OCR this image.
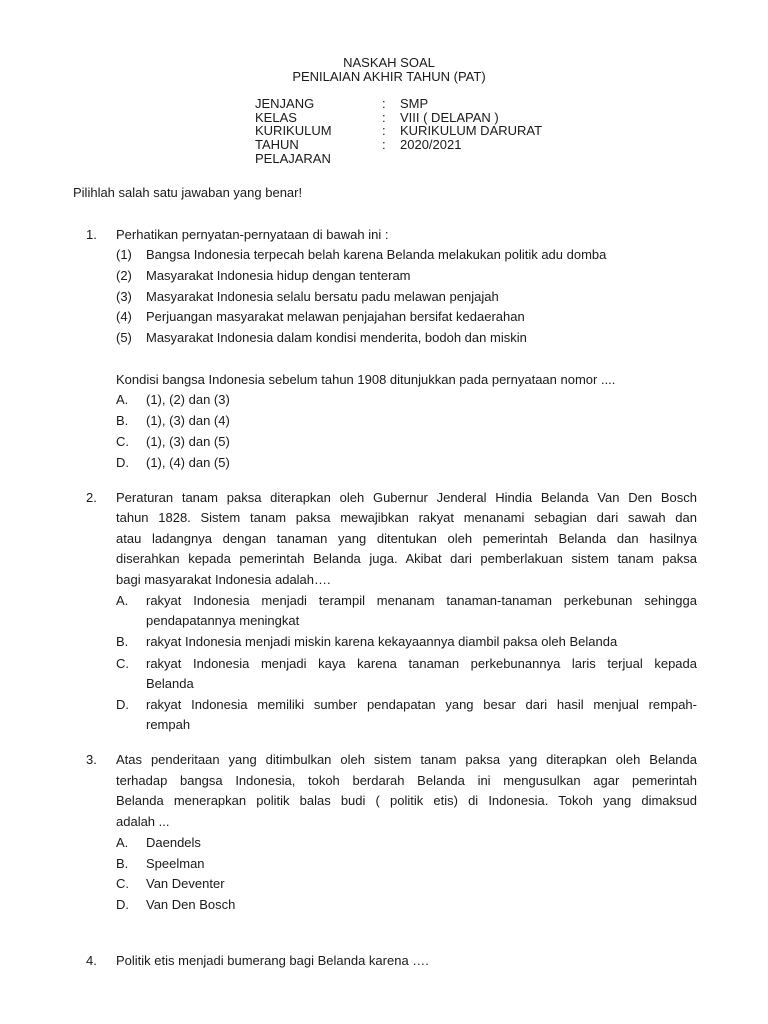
NASKAH SOAL
PENILAIAN AKHIR TAHUN (PAT)
JENJANG	: SMP
KELAS	: VIII ( DELAPAN )
KURIKULUM	: KURIKULUM DARURAT
TAHUN	: 2020/2021
PELAJARAN
Pilihlah salah satu jawaban yang benar!
1. Perhatikan pernyatan-pernyataan di bawah ini :
(1) Bangsa Indonesia terpecah belah karena Belanda melakukan politik adu domba
(2) Masyarakat Indonesia hidup dengan tenteram
(3) Masyarakat Indonesia selalu bersatu padu melawan penjajah
(4) Perjuangan masyarakat melawan penjajahan bersifat kedaerahan
(5) Masyarakat Indonesia dalam kondisi menderita, bodoh dan miskin
Kondisi bangsa Indonesia sebelum tahun 1908 ditunjukkan pada pernyataan nomor ....
A. (1), (2) dan (3)
B. (1), (3) dan (4)
C. (1), (3) dan (5)
D. (1), (4) dan (5)
2. Peraturan tanam paksa diterapkan oleh Gubernur Jenderal Hindia Belanda Van Den Bosch
tahun 1828. Sistem tanam paksa mewajibkan rakyat menanami sebagian dari sawah dan
atau ladangnya dengan tanaman yang ditentukan oleh pemerintah Belanda dan hasilnya
diserahkan kepada pemerintah Belanda juga. Akibat dari pemberlakuan sistem tanam paksa
bagi masyarakat Indonesia adalah….
A. rakyat Indonesia menjadi terampil menanam tanaman-tanaman perkebunan sehingga
pendapatannya meningkat
B. rakyat Indonesia menjadi miskin karena kekayaannya diambil paksa oleh Belanda
C. rakyat Indonesia menjadi kaya karena tanaman perkebunannya laris terjual kepada
Belanda
D. rakyat Indonesia memiliki sumber pendapatan yang besar dari hasil menjual rempah-
rempah
3. Atas penderitaan yang ditimbulkan oleh sistem tanam paksa yang diterapkan oleh Belanda
terhadap bangsa Indonesia, tokoh berdarah Belanda ini mengusulkan agar pemerintah
Belanda menerapkan politik balas budi ( politik etis) di Indonesia. Tokoh yang dimaksud
adalah ...
A. Daendels
B. Speelman
C. Van Deventer
D. Van Den Bosch
4. Politik etis menjadi bumerang bagi Belanda karena ….
